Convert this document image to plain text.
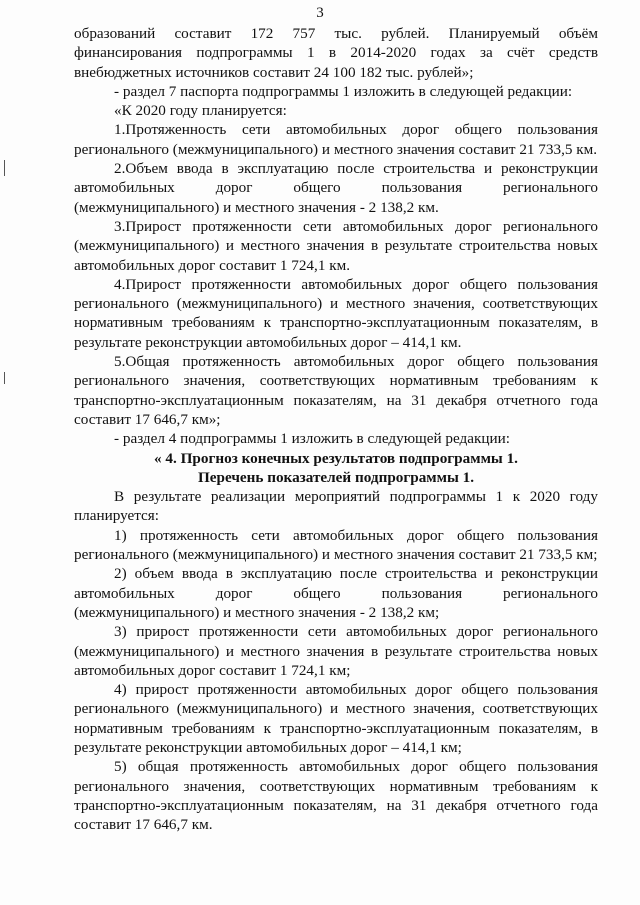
3

образований составит 172 757 тыс. рублей. Планируемый объём финансирования подпрограммы 1 в 2014-2020 годах за счёт средств внебюджетных источников составит 24 100 182 тыс. рублей»;

- раздел 7 паспорта подпрограммы 1 изложить в следующей редакции:

«К 2020 году планируется:

1.Протяженность сети автомобильных дорог общего пользования регионального (межмуниципального) и местного значения составит 21 733,5 км.

2.Объем ввода в эксплуатацию после строительства и реконструкции автомобильных дорог общего пользования регионального (межмуниципального) и местного значения - 2 138,2 км.

3.Прирост протяженности сети автомобильных дорог регионального (межмуниципального) и местного значения в результате строительства новых автомобильных дорог составит 1 724,1 км.

4.Прирост протяженности автомобильных дорог общего пользования регионального (межмуниципального) и местного значения, соответствующих нормативным требованиям к транспортно-эксплуатационным показателям, в результате реконструкции автомобильных дорог – 414,1 км.

5.Общая протяженность автомобильных дорог общего пользования регионального значения, соответствующих нормативным требованиям к транспортно-эксплуатационным показателям, на 31 декабря отчетного года составит 17 646,7 км»;

- раздел 4 подпрограммы 1 изложить в следующей редакции:

« 4. Прогноз конечных результатов подпрограммы 1.

Перечень показателей подпрограммы 1.

В результате реализации мероприятий подпрограммы 1 к 2020 году планируется:

1) протяженность сети автомобильных дорог общего пользования регионального (межмуниципального) и местного значения составит 21 733,5 км;

2) объем ввода в эксплуатацию после строительства и реконструкции автомобильных дорог общего пользования регионального (межмуниципального) и местного значения - 2 138,2 км;

3) прирост протяженности сети автомобильных дорог регионального (межмуниципального) и местного значения в результате строительства новых автомобильных дорог составит 1 724,1 км;

4) прирост протяженности автомобильных дорог общего пользования регионального (межмуниципального) и местного значения, соответствующих нормативным требованиям к транспортно-эксплуатационным показателям, в результате реконструкции автомобильных дорог – 414,1 км;

5) общая протяженность автомобильных дорог общего пользования регионального значения, соответствующих нормативным требованиям к транспортно-эксплуатационным показателям, на 31 декабря отчетного года составит 17 646,7 км.
